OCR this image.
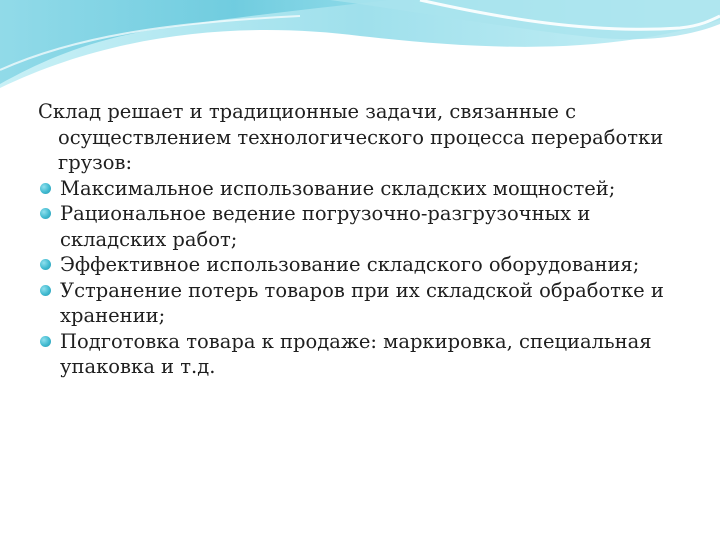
Склад решает и традиционные задачи, связанные с осуществлением технологического процесса переработки грузов:

Максимальное использование складских мощностей;
Рациональное ведение погрузочно-разгрузочных и складских работ;
Эффективное использование складского оборудования;
Устранение потерь товаров при их складской обработке и хранении;
Подготовка товара к продаже: маркировка, специальная упаковка и т.д.
